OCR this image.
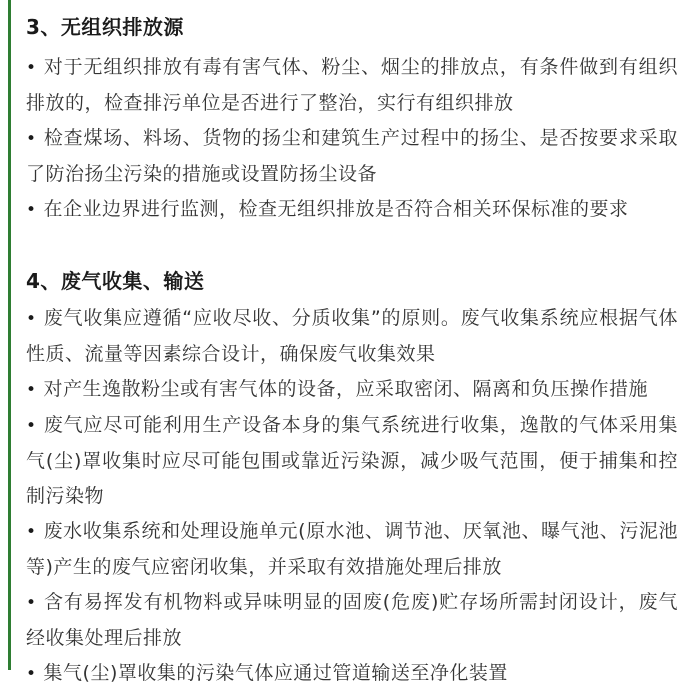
3、无组织排放源

• 对于无组织排放有毒有害气体、粉尘、烟尘的排放点，有条件做到有组织排放的，检查排污单位是否进行了整治，实行有组织排放

• 检查煤场、料场、货物的扬尘和建筑生产过程中的扬尘、是否按要求采取了防治扬尘污染的措施或设置防扬尘设备

• 在企业边界进行监测，检查无组织排放是否符合相关环保标准的要求

4、废气收集、输送

• 废气收集应遵循“应收尽收、分质收集”的原则。废气收集系统应根据气体性质、流量等因素综合设计，确保废气收集效果

• 对产生逸散粉尘或有害气体的设备，应采取密闭、隔离和负压操作措施

• 废气应尽可能利用生产设备本身的集气系统进行收集，逸散的气体采用集气(尘)罩收集时应尽可能包围或靠近污染源，减少吸气范围，便于捕集和控制污染物

• 废水收集系统和处理设施单元(原水池、调节池、厌氧池、曝气池、污泥池等)产生的废气应密闭收集，并采取有效措施处理后排放

• 含有易挥发有机物料或异味明显的固废(危废)贮存场所需封闭设计，废气经收集处理后排放

• 集气(尘)罩收集的污染气体应通过管道输送至净化装置
